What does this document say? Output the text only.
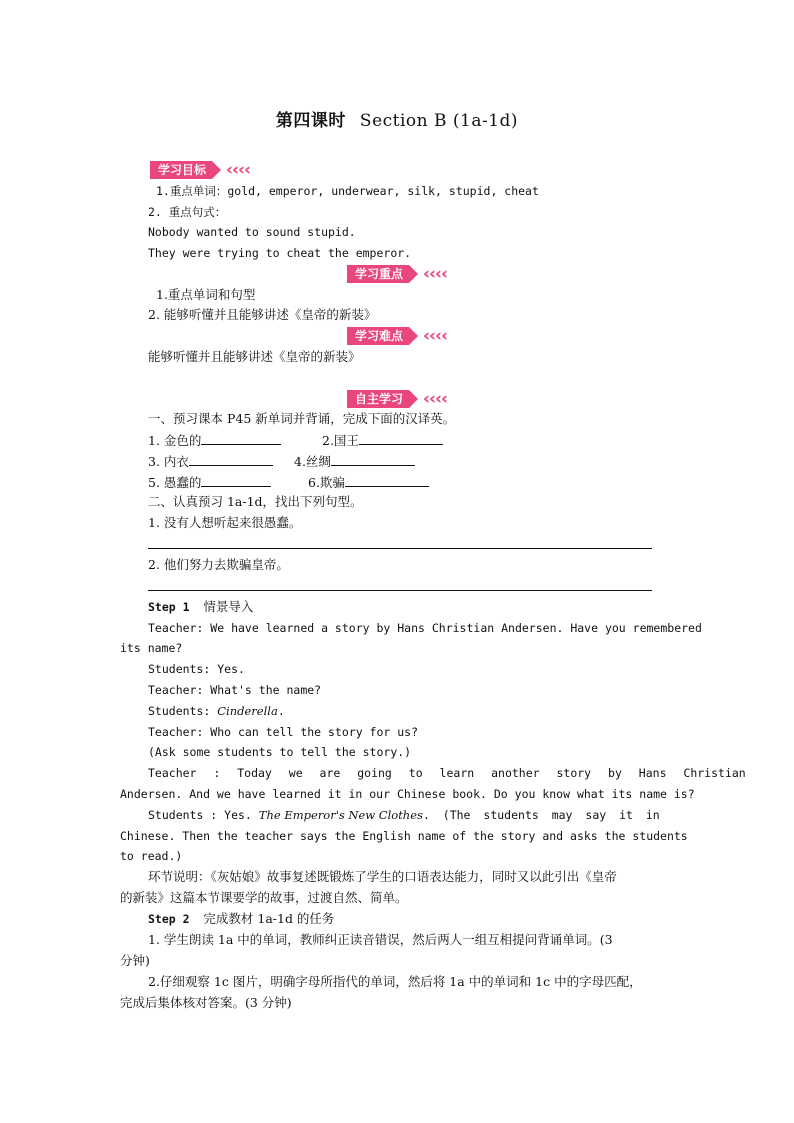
第四课时 Section B (1a-1d)
学习目标	‹‹‹‹
1.重点单词：gold, emperor, underwear, silk, stupid, cheat
2. 重点句式：
Nobody wanted to sound stupid.
They were trying to cheat the emperor.
学习重点	‹‹‹‹
1.重点单词和句型
2. 能够听懂并且能够讲述《皇帝的新装》
学习难点	‹‹‹‹
能够听懂并且能够讲述《皇帝的新装》
自主学习	‹‹‹‹
一、预习课本 P45 新单词并背诵，完成下面的汉译英。
1. 金色的	2.国王
3. 内衣	4.丝绸
5. 愚蠢的	6.欺骗
二、认真预习 1a-1d，找出下列句型。
1. 没有人想听起来很愚蠢。
2. 他们努力去欺骗皇帝。
Step 1 情景导入
Teacher: We have learned a story by Hans Christian Andersen. Have you remembered
its name?
Students: Yes.
Teacher: What's the name?
Students: Cinderella.
Teacher: Who can tell the story for us?
(Ask some students to tell the story.)
Teacher : Today we are going to learn another story by Hans Christian
Andersen. And we have learned it in our Chinese book. Do you know what its name is?
Students : Yes. The Emperor's New Clothes. (The students may say it in
Chinese. Then the teacher says the English name of the story and asks the students
to read.)
环节说明：《灰姑娘》故事复述既锻炼了学生的口语表达能力，同时又以此引出《皇帝
的新装》这篇本节课要学的故事，过渡自然、简单。
Step 2 完成教材 1a-1d 的任务
1. 学生朗读 1a 中的单词，教师纠正读音错误，然后两人一组互相提问背诵单词。(3
分钟)
2.仔细观察 1c 图片，明确字母所指代的单词，然后将 1a 中的单词和 1c 中的字母匹配，
完成后集体核对答案。(3 分钟)
